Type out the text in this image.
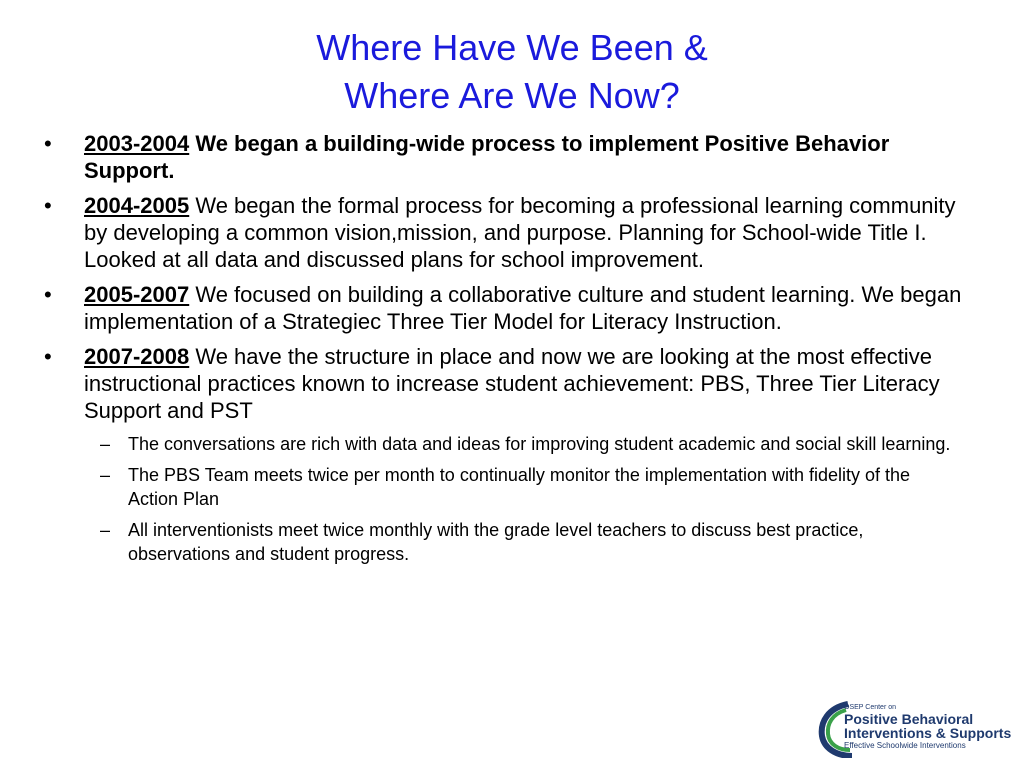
Where Have We Been &
Where Are We Now?
• 2003-2004 We began a building-wide process to implement Positive Behavior Support.
• 2004-2005 We began the formal process for becoming a professional learning community by developing a common vision,mission, and purpose. Planning for School-wide Title I. Looked at all data and discussed plans for school improvement.
• 2005-2007 We focused on building a collaborative culture and student learning. We began implementation of a Strategiec Three Tier Model for Literacy Instruction.
• 2007-2008 We have the structure in place and now we are looking at the most effective instructional practices known to increase student achievement: PBS, Three Tier Literacy Support and PST
– The conversations are rich with data and ideas for improving student academic and social skill learning.
– The PBS Team meets twice per month to continually monitor the implementation with fidelity of the Action Plan
– All interventionists meet twice monthly with the grade level teachers to discuss best practice, observations and student progress.
OSEP Center on
Positive Behavioral
Interventions & Supports
Effective Schoolwide Interventions
